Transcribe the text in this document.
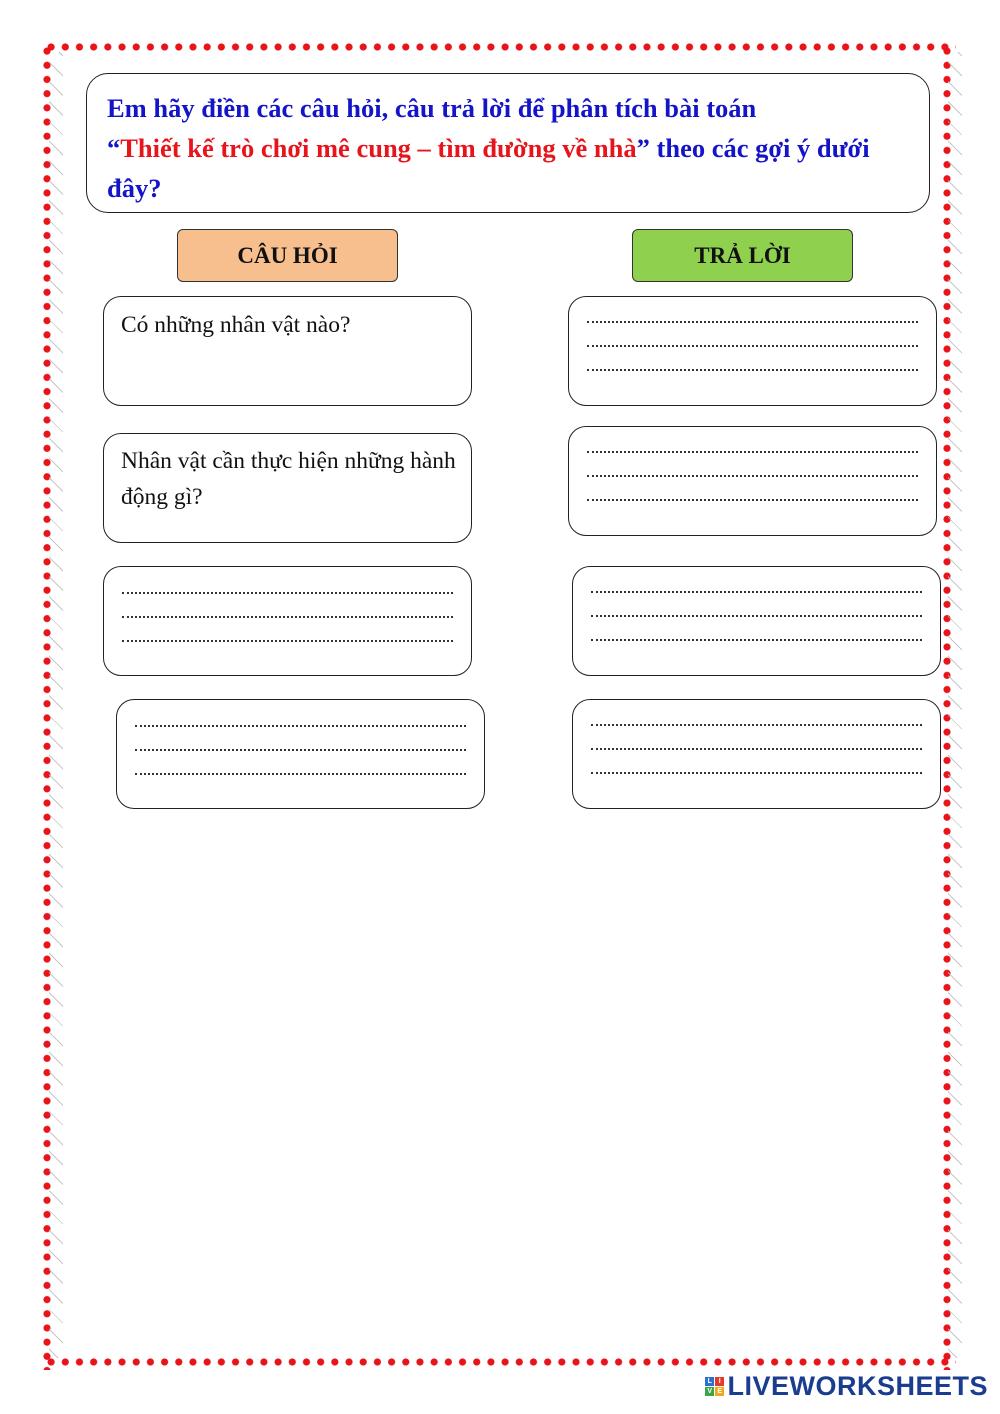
Em hãy điền các câu hỏi, câu trả lời để phân tích bài toán
“Thiết kế trò chơi mê cung – tìm đường về nhà” theo các gợi ý dưới đây?
CÂU HỎI	TRẢ LỜI
Có những nhân vật nào?
Nhân vật cần thực hiện những hành động gì?
L I
V E LIVEWORKSHEETS
